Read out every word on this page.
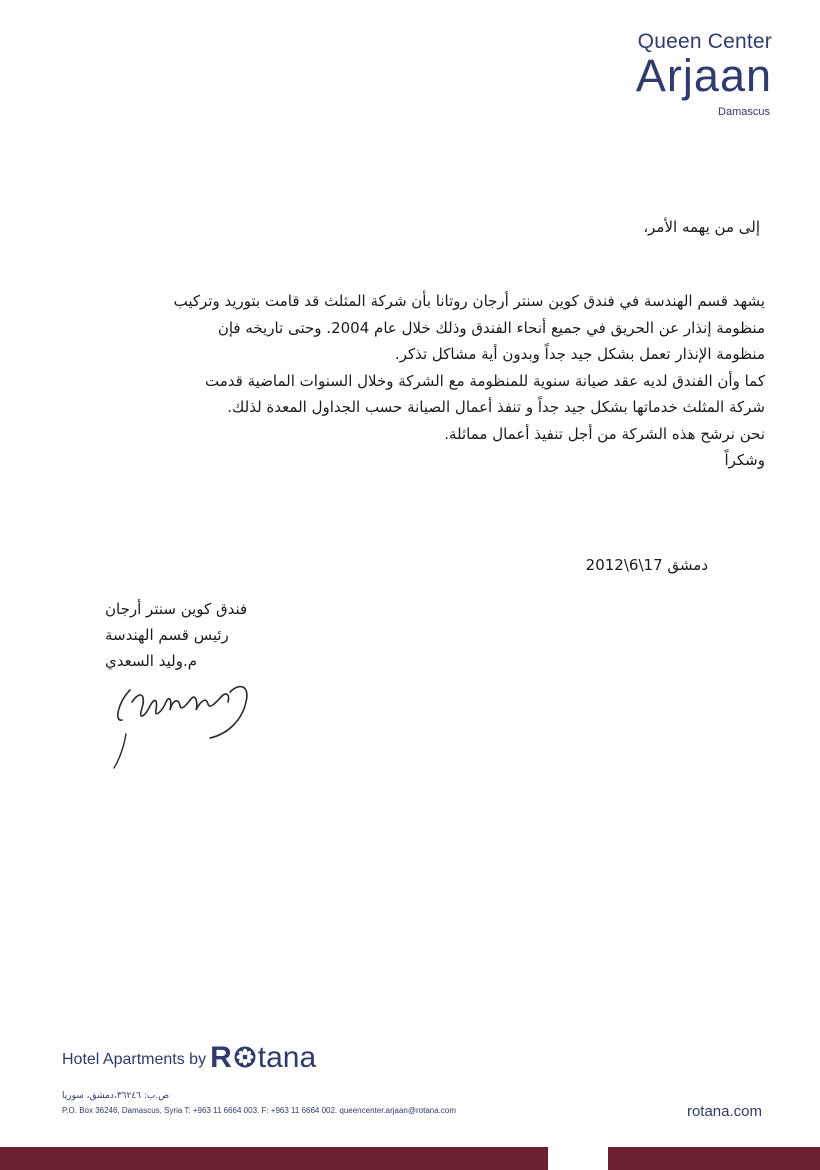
Queen Center
Arjaan
Damascus
إلى من يهمه الأمر،

يشهد قسم الهندسة في فندق كوين سنتر أرجان روتانا بأن شركة المثلث قد قامت بتوريد وتركيب منظومة إنذار عن الحريق في جميع أنحاء الفندق وذلك خلال عام 2004. وحتى تاريخه فإن منظومة الإنذار تعمل بشكل جيد جداً وبدون أية مشاكل تذكر.

كما وأن الفندق لديه عقد صيانة سنوية للمنظومة مع الشركة وخلال السنوات الماضية قدمت شركة المثلث خدماتها بشكل جيد جداً و تنفذ أعمال الصيانة حسب الجداول المعدة لذلك.

نحن نرشح هذه الشركة من أجل تنفيذ أعمال مماثلة.

وشكراً

دمشق 17\6\2012
فندق كوين سنتر أرجان
رئيس قسم الهندسة
م.وليد السعدي
Hotel Apartments by R tana
ص.ب: ٣٦٢٤٦،دمشق، سوريا
P.O. Box 36246, Damascus, Syria T: +963 11 6664 003. F: +963 11 6664 002. queencenter.arjaan@rotana.com	rotana.com
